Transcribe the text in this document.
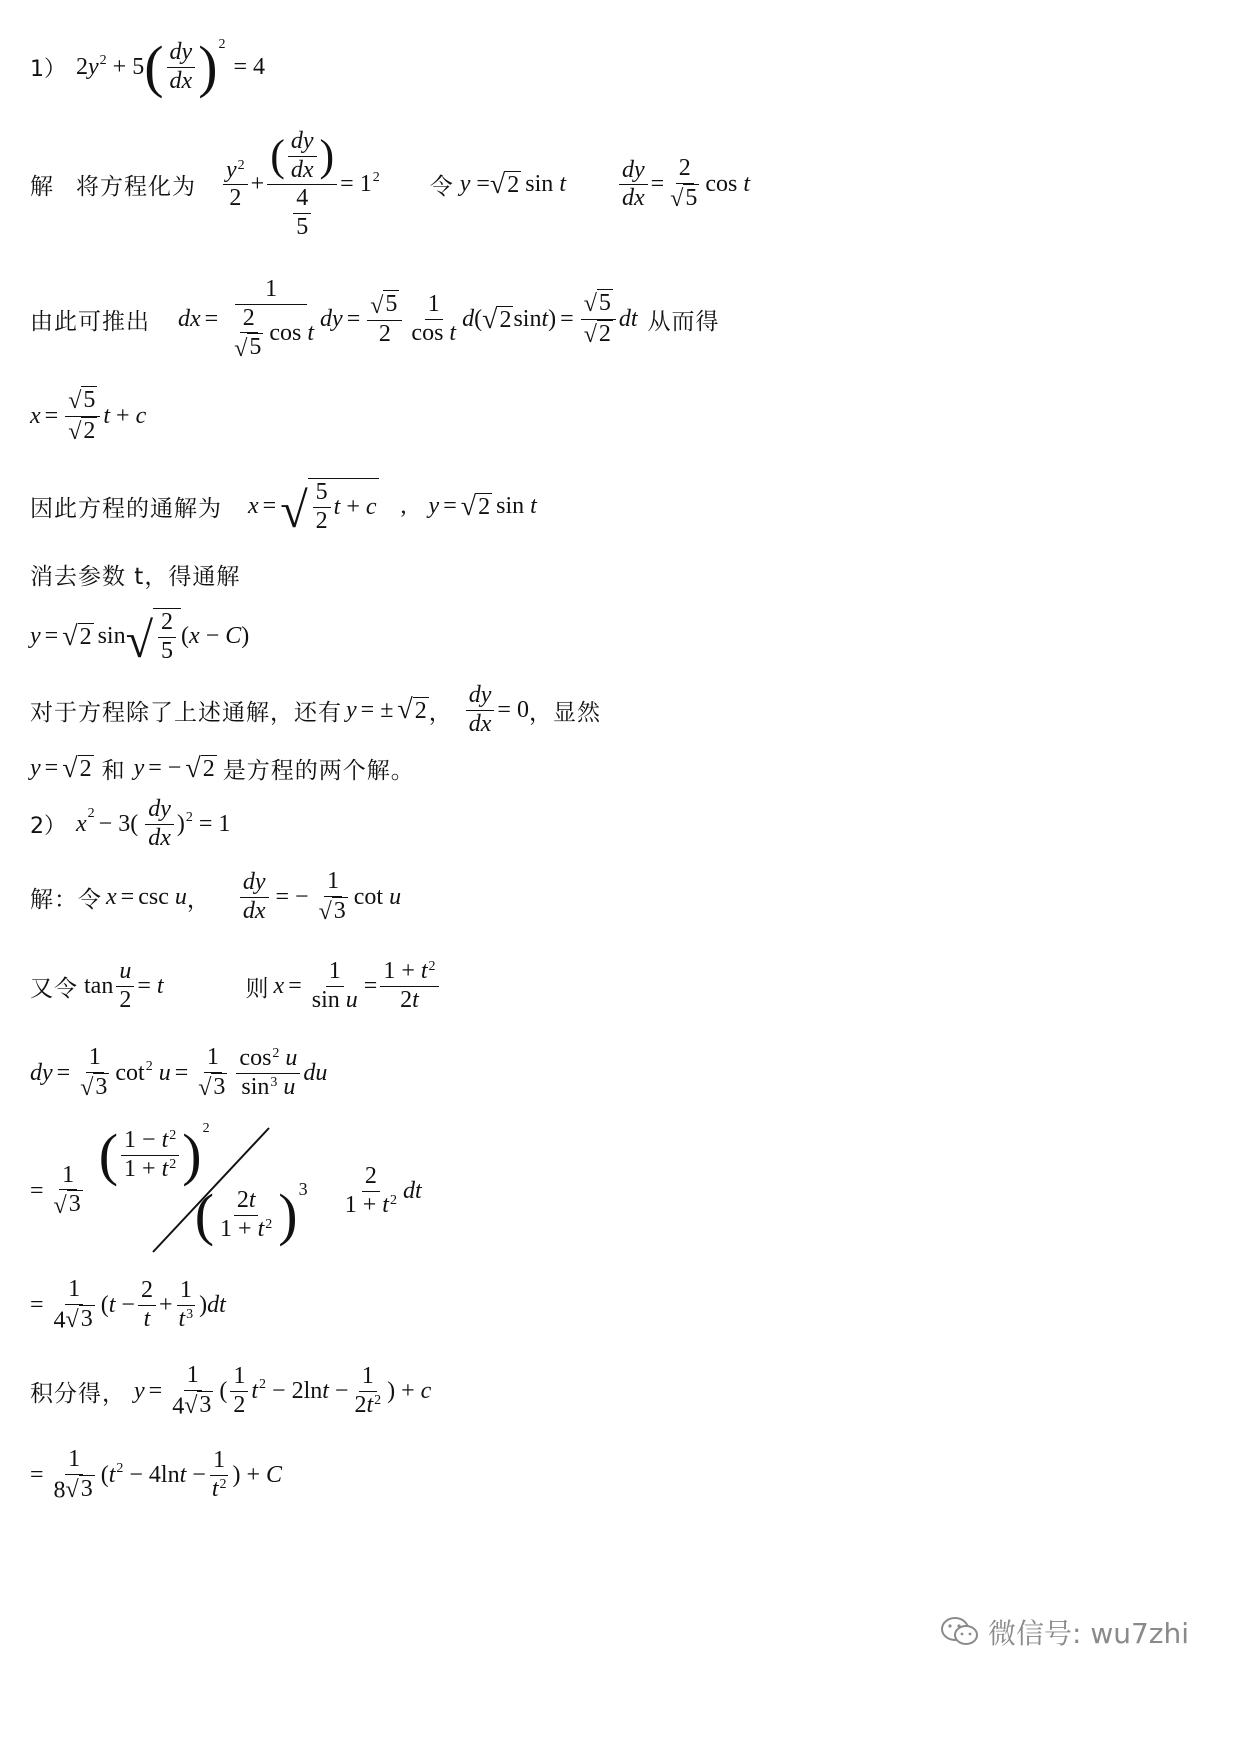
1） $2y^2 + 5$ ( $\frac{dy}{dx}$ ) 2
= 4
解 将方程化为 $\frac{y^2}{2}$ + ( $\frac{dy}{dx}$ )
4
$5 = 1^2$ 令 y = √ 2 sin t $\frac{dy}{dx} = \frac{2}{√ 5}$ cos t
由此可推出 dx = $\frac{1}{\frac{2}{√ 5} \cos t}$ dy = $\frac{√ 5}{2} \frac{1}{\text{cos t}}$ d ( √ 2 $\sin t) = \frac{√ 5}{√ 2}$ dt 从而得
$x = \frac{√ 5}{√ 2}$ t + c
因此方程的通解为 x = √ $\frac{5}{2}$ t + c , y = √ 2 sin t
消去参数 t，得通解
y = √ 2 sin √ $\frac{2}{5} (x - C)$
对于方程除了上述通解，还有 y = ± √ 2 ， $\frac{dy}{dx} = 0$ ，显然
y = √ 2 和 y = − √ 2 是方程的两个解。
2） x $2 - 3( \frac{dy}{dx} )^2 = 1$
解：令 x = csc u ， $\frac{dy}{dx}$ = − $\frac{1}{√ 3}$ cot u
又令 $\tan \frac{u}{2} = t$	则 $x = \frac{1}{\text{sin u}} = \frac{1 + t^2}{2t}$
dy = $\frac{1}{√ 3} \cot^2 u = \frac{1}{√ 3} \frac{\cos^2 u}{\sin^3 u}$ du
= $\frac{1}{√ 3}$
( $\frac{1 - t^2}{1 + t^2}$ ) 2
( $\frac{2t}{1 + t^2}$ ) $3 \frac{2}{1 + t^2}$ dt
= $\frac{1}{4 √ 3} (t - \frac{2}{t} + \frac{1}{t^3} )dt$
积分得， $y = \frac{1}{4 √ 3}$ ( $\frac{1}{2} t^2 - 2\ln t - \frac{1}{2t^2}$ ) + c
= $\frac{1}{8 √ 3} (t^2 - 4\ln t - \frac{1}{t^2}$ ) + C
微信号: wu7zhi
